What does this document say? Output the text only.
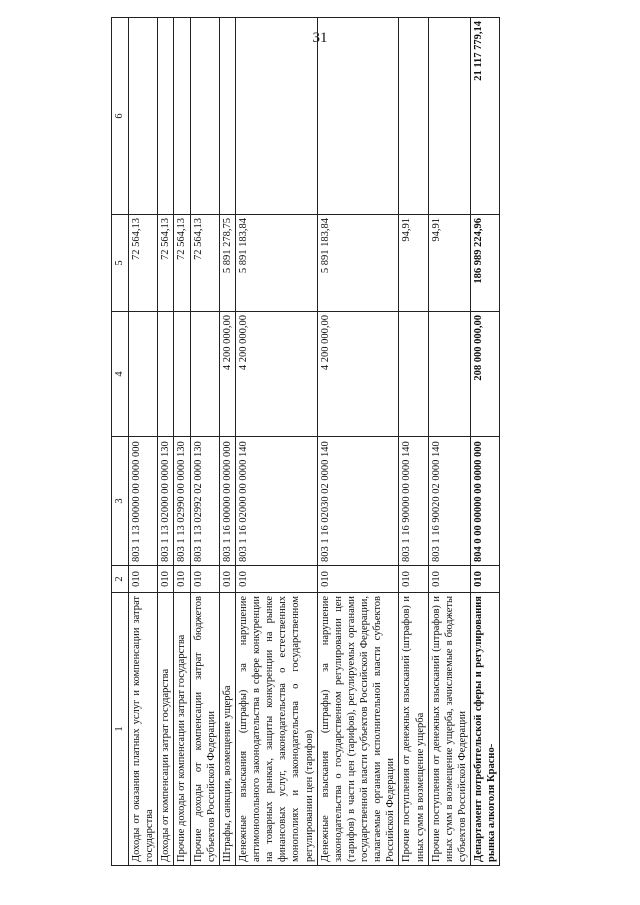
31
1	2	3	4	5	6
Доходы от оказания платных услуг и компенсации затрат государства	010	803 1 13 00000 00 0000 000		72 564,13	
Доходы от компенсации затрат государства	010	803 1 13 02000 00 0000 130		72 564,13	
Прочие доходы от компенсации затрат государства	010	803 1 13 02990 00 0000 130		72 564,13	
Прочие доходы от компенсации затрат бюджетов субъектов Российской Федерации	010	803 1 13 02992 02 0000 130		72 564,13	
Штрафы, санкции, возмещение ущерба	010	803 1 16 00000 00 0000 000	4 200 000,00	5 891 278,75	
Денежные взыскания (штрафы) за нарушение антимонопольного законодательства в сфере конкуренции на товарных рынках, защиты конкуренции на рынке финансовых услуг, законодательства о естественных монополиях и законодательства о государственном регулировании цен (тарифов)	010	803 1 16 02000 00 0000 140	4 200 000,00	5 891 183,84	
Денежные взыскания (штрафы) за нарушение законодательства о государственном регулировании цен (тарифов) в части цен (тарифов), регулируемых органами государственной власти субъектов Российской Федерации, налагаемые органами исполнительной власти субъектов Российской Федерации	010	803 1 16 02030 02 0000 140	4 200 000,00	5 891 183,84	
Прочие поступления от денежных взысканий (штрафов) и иных сумм в возмещение ущерба	010	803 1 16 90000 00 0000 140		94,91	
Прочие поступления от денежных взысканий (штрафов) и иных сумм в возмещение ущерба, зачисляемые в бюджеты субъектов Российской Федерации	010	803 1 16 90020 02 0000 140		94,91	
Департамент потребительской сферы и регулирования рынка алкоголя Красно-	010	804 0 00 00000 00 0000 000	208 000 000,00	186 989 224,96	21 117 779,14
